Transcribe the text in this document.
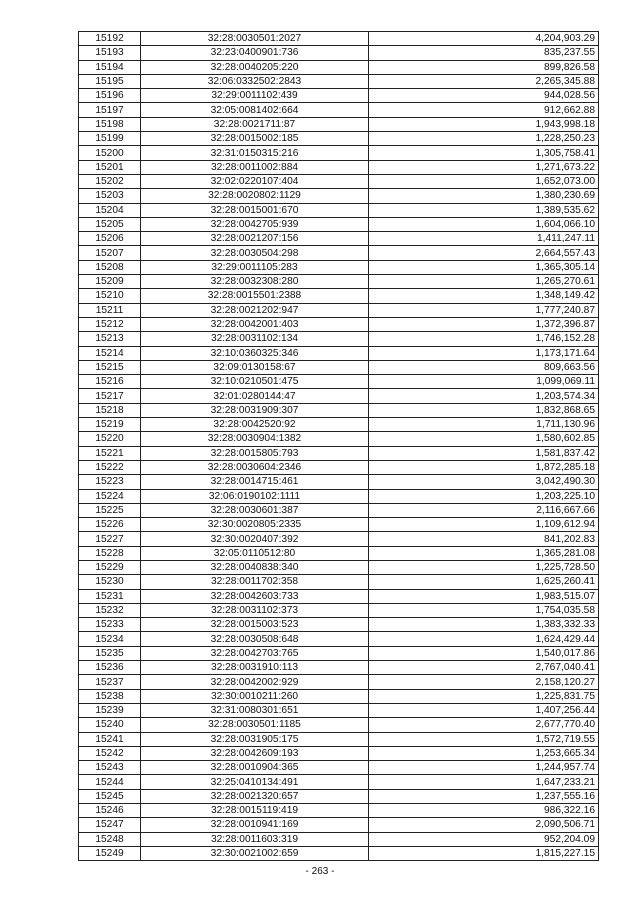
15192	32:28:0030501:2027	4,204,903.29
15193	32:23:0400901:736	835,237.55
15194	32:28:0040205:220	899,826.58
15195	32:06:0332502:2843	2,265,345.88
15196	32:29:0011102:439	944,028.56
15197	32:05:0081402:664	912,662.88
15198	32:28:0021711:87	1,943,998.18
15199	32:28:0015002:185	1,228,250.23
15200	32:31:0150315:216	1,305,758.41
15201	32:28:0011002:884	1,271,673.22
15202	32:02:0220107:404	1,652,073.00
15203	32:28:0020802:1129	1,380,230.69
15204	32:28:0015001:670	1,389,535.62
15205	32:28:0042705:939	1,604,066.10
15206	32:28:0021207:156	1,411,247.11
15207	32:28:0030504:298	2,664,557.43
15208	32:29:0011105:283	1,365,305.14
15209	32:28:0032308:280	1,265,270.61
15210	32:28:0015501:2388	1,348,149.42
15211	32:28:0021202:947	1,777,240.87
15212	32:28:0042001:403	1,372,396.87
15213	32:28:0031102:134	1,746,152.28
15214	32:10:0360325:346	1,173,171.64
15215	32:09:0130158:67	809,663.56
15216	32:10:0210501:475	1,099,069.11
15217	32:01:0280144:47	1,203,574.34
15218	32:28:0031909:307	1,832,868.65
15219	32:28:0042520:92	1,711,130.96
15220	32:28:0030904:1382	1,580,602.85
15221	32:28:0015805:793	1,581,837.42
15222	32:28:0030604:2346	1,872,285.18
15223	32:28:0014715:461	3,042,490.30
15224	32:06:0190102:1111	1,203,225.10
15225	32:28:0030601:387	2,116,667.66
15226	32:30:0020805:2335	1,109,612.94
15227	32:30:0020407:392	841,202.83
15228	32:05:0110512:80	1,365,281.08
15229	32:28:0040838:340	1,225,728.50
15230	32:28:0011702:358	1,625,260.41
15231	32:28:0042603:733	1,983,515.07
15232	32:28:0031102:373	1,754,035.58
15233	32:28:0015003:523	1,383,332.33
15234	32:28:0030508:648	1,624,429.44
15235	32:28:0042703:765	1,540,017.86
15236	32:28:0031910:113	2,767,040.41
15237	32:28:0042002:929	2,158,120.27
15238	32:30:0010211:260	1,225,831.75
15239	32:31:0080301:651	1,407,256.44
15240	32:28:0030501:1185	2,677,770.40
15241	32:28:0031905:175	1,572,719.55
15242	32:28:0042609:193	1,253,665.34
15243	32:28:0010904:365	1,244,957.74
15244	32:25:0410134:491	1,647,233.21
15245	32:28:0021320:657	1,237,555.16
15246	32:28:0015119:419	986,322.16
15247	32:28:0010941:169	2,090,506.71
15248	32:28:0011603:319	952,204.09
15249	32:30:0021002:659	1,815,227.15
- 263 -
